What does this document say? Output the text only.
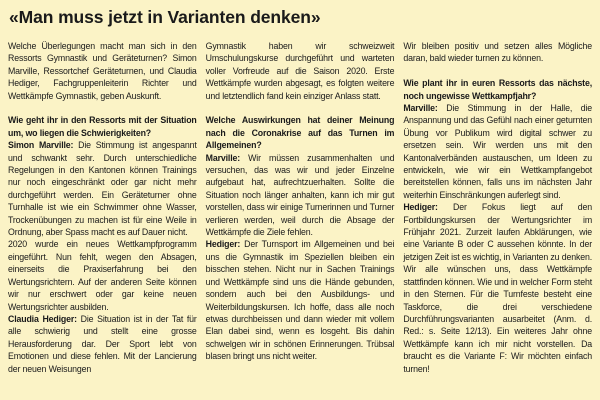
«Man muss jetzt in Varianten denken»

Welche Überlegungen macht man sich in den Ressorts Gymnastik und Geräteturnen? Simon Marville, Ressortchef Geräteturnen, und Claudia Hediger, Fachgruppenleiterin Richter und Wettkämpfe Gymnastik, geben Auskunft.

Wie geht ihr in den Ressorts mit der Situation um, wo liegen die Schwierigkeiten?

Simon Marville: Die Stimmung ist angespannt und schwankt sehr. Durch unterschiedliche Regelungen in den Kantonen können Trainings nur noch eingeschränkt oder gar nicht mehr durchgeführt werden. Ein Geräteturner ohne Turnhalle ist wie ein Schwimmer ohne Wasser, Trockenübungen zu machen ist für eine Weile in Ordnung, aber Spass macht es auf Dauer nicht.

2020 wurde ein neues Wettkampfprogramm eingeführt. Nun fehlt, wegen den Absagen, einerseits die Praxiserfahrung bei den Wertungsrichtern. Auf der anderen Seite können wir nur erschwert oder gar keine neuen Wertungsrichter ausbilden.

Claudia Hediger: Die Situation ist in der Tat für alle schwierig und stellt eine grosse Herausforderung dar. Der Sport lebt von Emotionen und diese fehlen. Mit der Lancierung der neuen Weisungen

Gymnastik haben wir schweizweit Umschulungskurse durchgeführt und warteten voller Vorfreude auf die Saison 2020. Erste Wettkämpfe wurden abgesagt, es folgten weitere und letztendlich fand kein einziger Anlass statt.

Welche Auswirkungen hat deiner Meinung nach die Coronakrise auf das Turnen im Allgemeinen?

Marville: Wir müssen zusammenhalten und versuchen, das was wir und jeder Einzelne aufgebaut hat, aufrechtzuerhalten. Sollte die Situation noch länger anhalten, kann ich mir gut vorstellen, dass wir einige Turnerinnen und Turner verlieren werden, weil durch die Absage der Wettkämpfe die Ziele fehlen.

Hediger: Der Turnsport im Allgemeinen und bei uns die Gymnastik im Speziellen bleiben ein bisschen stehen. Nicht nur in Sachen Trainings und Wettkämpfe sind uns die Hände gebunden, sondern auch bei den Ausbildungs- und Weiterbildungskursen. Ich hoffe, dass alle noch etwas durchbeissen und dann wieder mit vollem Elan dabei sind, wenn es losgeht. Bis dahin schwelgen wir in schönen Erinnerungen. Trübsal blasen bringt uns nicht weiter.

Wir bleiben positiv und setzen alles Mögliche daran, bald wieder turnen zu können.

Wie plant ihr in euren Ressorts das nächste, noch ungewisse Wettkampfjahr?

Marville: Die Stimmung in der Halle, die Anspannung und das Gefühl nach einer geturnten Übung vor Publikum wird digital schwer zu ersetzen sein. Wir werden uns mit den Kantonalverbänden austauschen, um Ideen zu entwickeln, wie wir ein Wettkampfangebot bereitstellen können, falls uns im nächsten Jahr weiterhin Einschränkungen auferlegt sind.

Hediger: Der Fokus liegt auf den Fortbildungskursen der Wertungsrichter im Frühjahr 2021. Zurzeit laufen Abklärungen, wie eine Variante B oder C aussehen könnte. In der jetzigen Zeit ist es wichtig, in Varianten zu denken. Wir alle wünschen uns, dass Wettkämpfe stattfinden können. Wie und in welcher Form steht in den Sternen. Für die Turnfeste besteht eine Taskforce, die drei verschiedene Durchführungsvarianten ausarbeitet (Anm. d. Red.: s. Seite 12/13). Ein weiteres Jahr ohne Wettkämpfe kann ich mir nicht vorstellen. Da braucht es die Variante F: Wir möchten einfach turnen!
